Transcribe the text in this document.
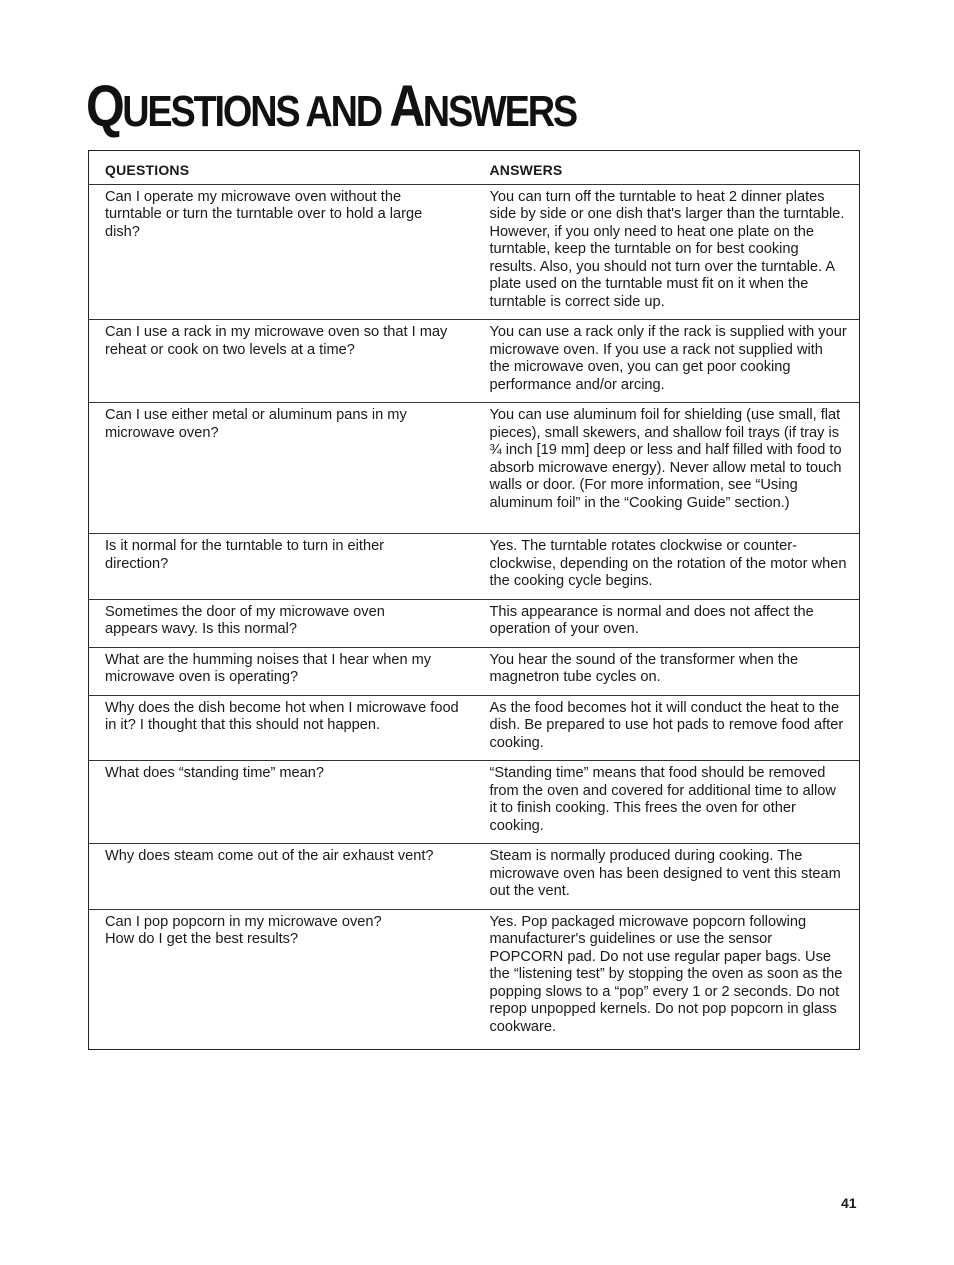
QUESTIONS AND ANSWERS
QUESTIONS	ANSWERS
Can I operate my microwave oven without the turntable or turn the turntable over to hold a large dish?	You can turn off the turntable to heat 2 dinner plates side by side or one dish that's larger than the turntable. However, if you only need to heat one plate on the turntable, keep the turntable on for best cooking results. Also, you should not turn over the turntable. A plate used on the turntable must fit on it when the turntable is correct side up.
Can I use a rack in my microwave oven so that I may reheat or cook on two levels at a time?	You can use a rack only if the rack is supplied with your microwave oven. If you use a rack not supplied with the microwave oven, you can get poor cooking performance and/or arcing.
Can I use either metal or aluminum pans in my microwave oven?	You can use aluminum foil for shielding (use small, flat pieces), small skewers, and shallow foil trays (if tray is ¾ inch [19 mm] deep or less and half filled with food to absorb microwave energy). Never allow metal to touch walls or door. (For more information, see “Using aluminum foil” in the “Cooking Guide” section.)
Is it normal for the turntable to turn in either direction?	Yes. The turntable rotates clockwise or counter-clockwise, depending on the rotation of the motor when the cooking cycle begins.
Sometimes the door of my microwave oven appears wavy. Is this normal?	This appearance is normal and does not affect the operation of your oven.
What are the humming noises that I hear when my microwave oven is operating?	You hear the sound of the transformer when the magnetron tube cycles on.
Why does the dish become hot when I microwave food in it? I thought that this should not happen.	As the food becomes hot it will conduct the heat to the dish. Be prepared to use hot pads to remove food after cooking.
What does “standing time” mean?	“Standing time” means that food should be removed from the oven and covered for additional time to allow it to finish cooking. This frees the oven for other cooking.
Why does steam come out of the air exhaust vent?	Steam is normally produced during cooking. The microwave oven has been designed to vent this steam out the vent.
Can I pop popcorn in my microwave oven? How do I get the best results?	Yes. Pop packaged microwave popcorn following manufacturer's guidelines or use the sensor POPCORN pad. Do not use regular paper bags. Use the “listening test” by stopping the oven as soon as the popping slows to a “pop” every 1 or 2 seconds. Do not repop unpopped kernels. Do not pop popcorn in glass cookware.
41
